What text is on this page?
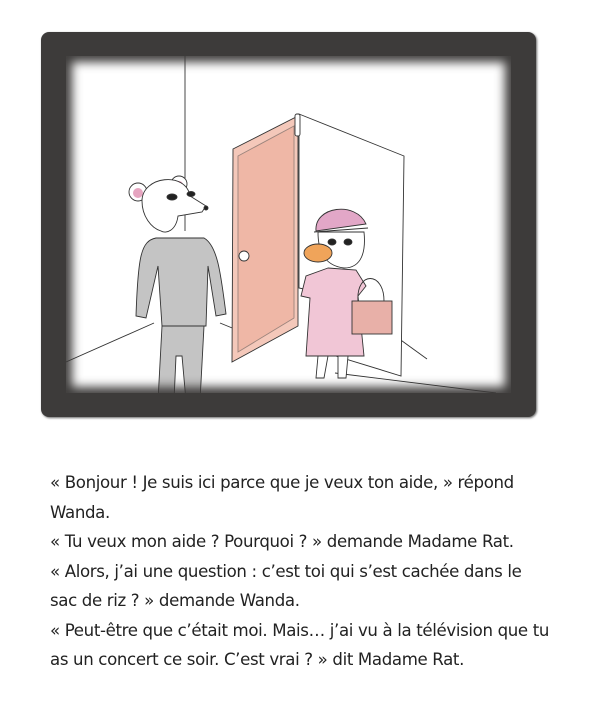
« Bonjour ! Je suis ici parce que je veux ton aide, » répond Wanda.

« Tu veux mon aide ? Pourquoi ? » demande Madame Rat.

« Alors, j’ai une question : c’est toi qui s’est cachée dans le sac de riz ? » demande Wanda.

« Peut-être que c’était moi. Mais… j’ai vu à la télévision que tu as un concert ce soir. C’est vrai ? » dit Madame Rat.
